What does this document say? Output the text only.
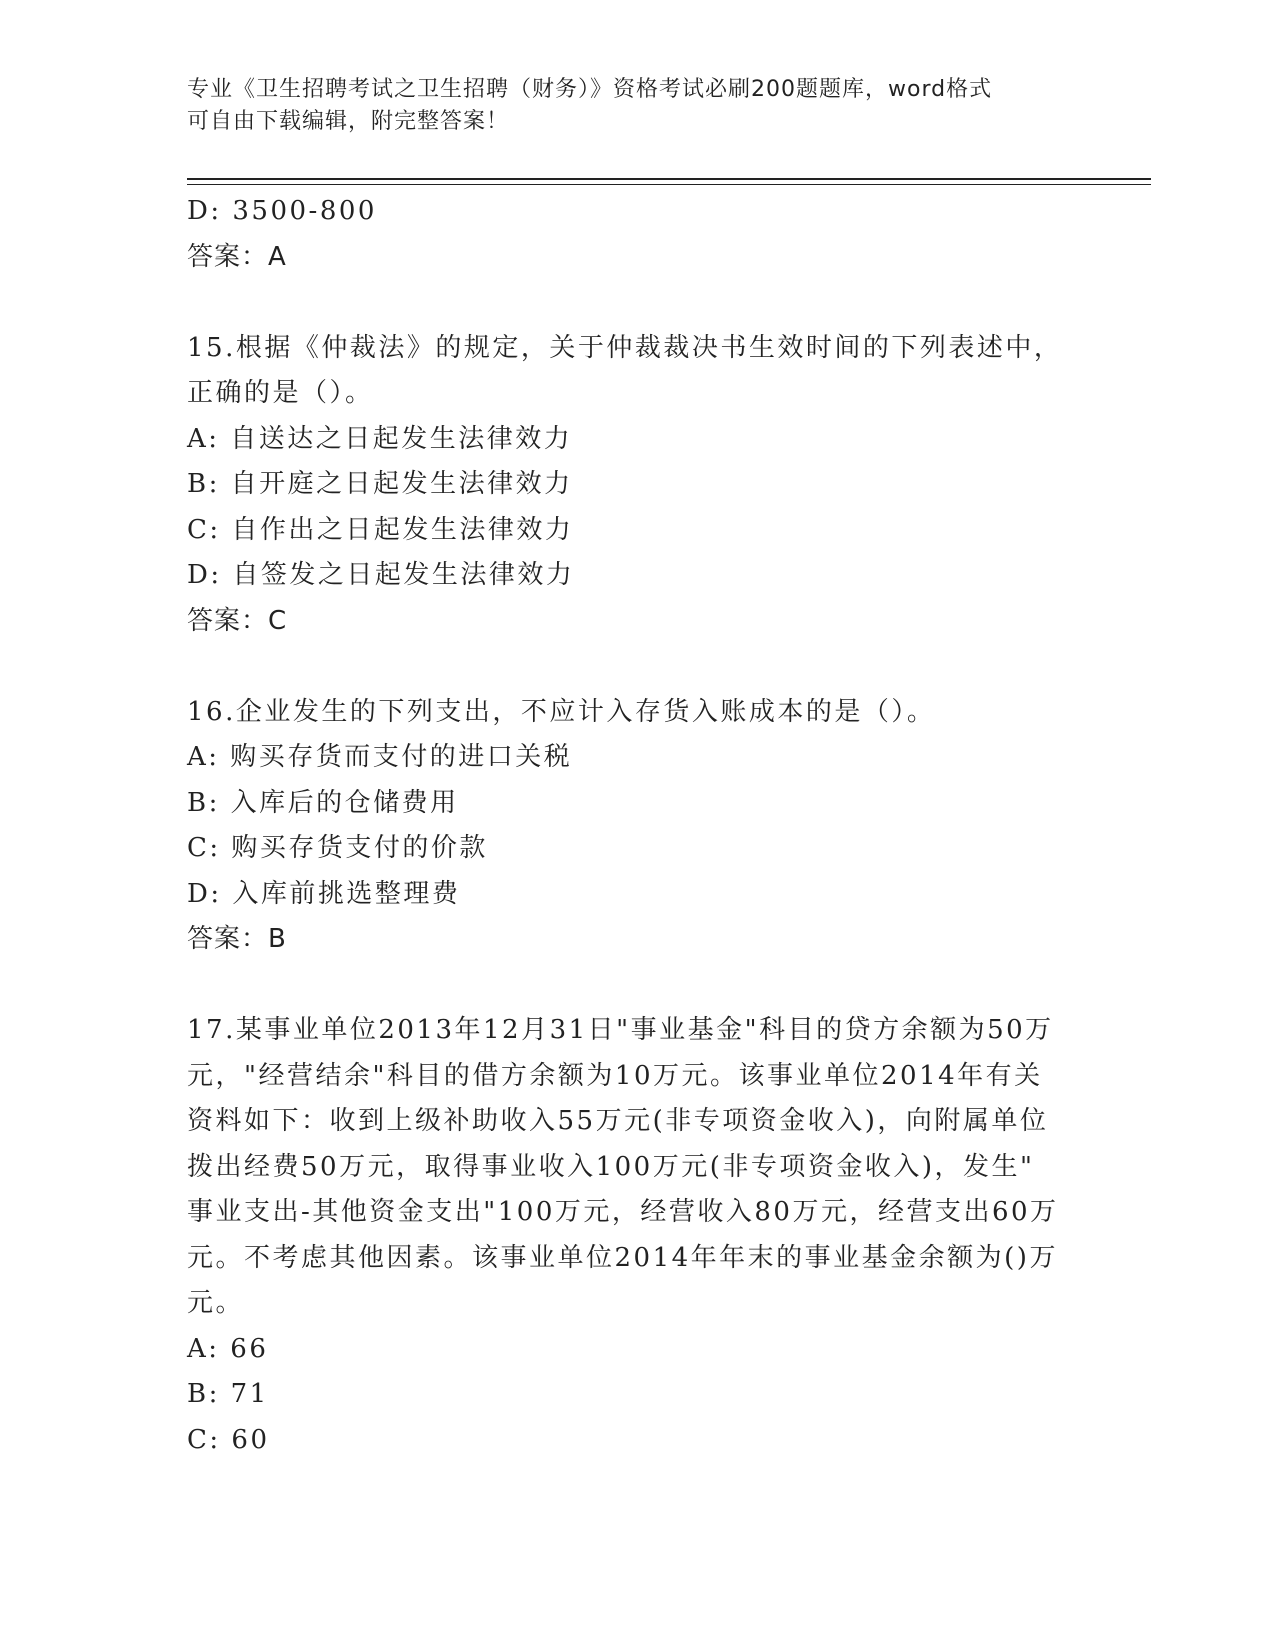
专业《卫生招聘考试之卫生招聘（财务）》资格考试必刷200题题库，word格式
可自由下载编辑，附完整答案！
D: 3500-800
答案：A
15.根据《仲裁法》的规定，关于仲裁裁决书生效时间的下列表述中，
正确的是（）。
A: 自送达之日起发生法律效力
B: 自开庭之日起发生法律效力
C: 自作出之日起发生法律效力
D: 自签发之日起发生法律效力
答案：C
16.企业发生的下列支出，不应计入存货入账成本的是（）。
A: 购买存货而支付的进口关税
B: 入库后的仓储费用
C: 购买存货支付的价款
D: 入库前挑选整理费
答案：B
17.某事业单位2013年12月31日"事业基金"科目的贷方余额为50万
元，"经营结余"科目的借方余额为10万元。该事业单位2014年有关
资料如下：收到上级补助收入55万元(非专项资金收入)，向附属单位
拨出经费50万元，取得事业收入100万元(非专项资金收入)，发生"
事业支出-其他资金支出"100万元，经营收入80万元，经营支出60万
元。不考虑其他因素。该事业单位2014年年末的事业基金余额为()万
元。
A: 66
B: 71
C: 60
